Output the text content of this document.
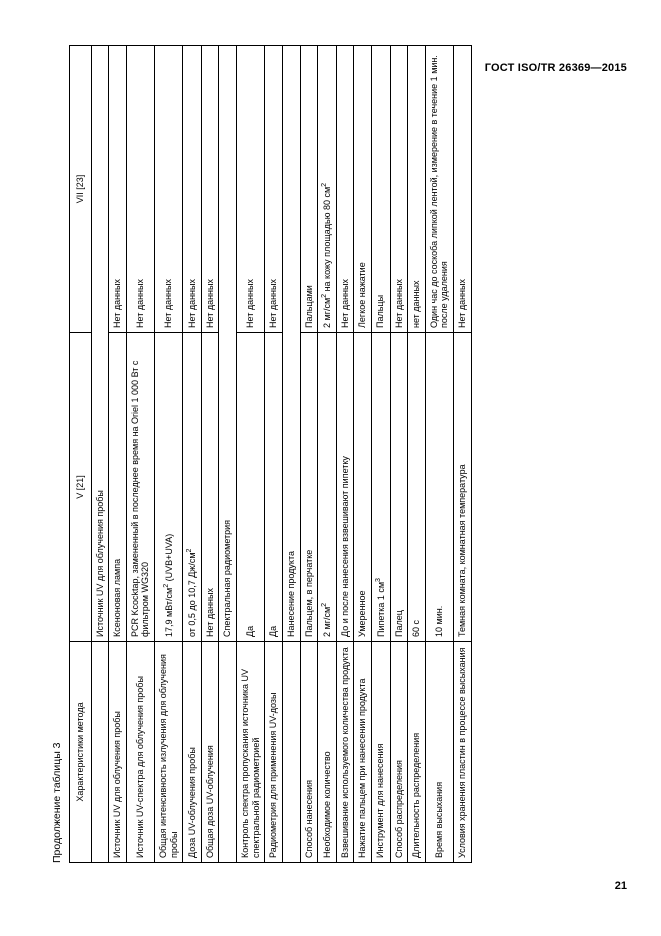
ГОСТ ISO/TR 26369—2015
Продолжение таблицы 3 Характеристики метода	V [21]	VII [23]
	Источник UV для облучения пробы	
Источник UV для облучения пробы	Ксеноновая лампа	Нет данных
Источник UV-спектра для облучения пробы	PCR Kcocktap, замененный в последнее время на Oriel 1 000 Вт с фильтром WG320	Нет данных
Общая интенсивность излучения для облучения пробы	17,9 мВт/$см^2$ (UVB+UVA)	Нет данных
Доза UV-облучения пробы	от 0,5 до 10,7 $Дж/см^2$	Нет данных
Общая доза UV-облучения	Нет данных	Нет данных
	Спектральная радиометрия	
Контроль спектра пропускания источника UV спектральной радиометрией	Да	Нет данных
Радиометрия для применения UV-дозы	Да	Нет данных
	Нанесение продукта	
Способ нанесения	Пальцем, в перчатке	Пальцами
Необходимое количество	2 $мг/см^2$	2 $мг/см^2$ на кожу площадью 80 $см^2$
Взвешивание используемого количества продукта	До и после нанесения взвешивают пипетку	Нет данных
Нажатие пальцем при нанесении продукта	Умеренное	Легкое нажатие
Инструмент для нанесения	Пипетка 1 $см^3$	Пальцы
Способ распределения	Палец	Нет данных
Длительность распределения	60 с	нет данных
Время высыхания	10 мин.	Один час до соскоба липкой лентой, измерение в течение 1 мин. после удаления
Условия хранения пластин в процессе высыхания	Темная комната, комнатная температура	Нет данных
21
